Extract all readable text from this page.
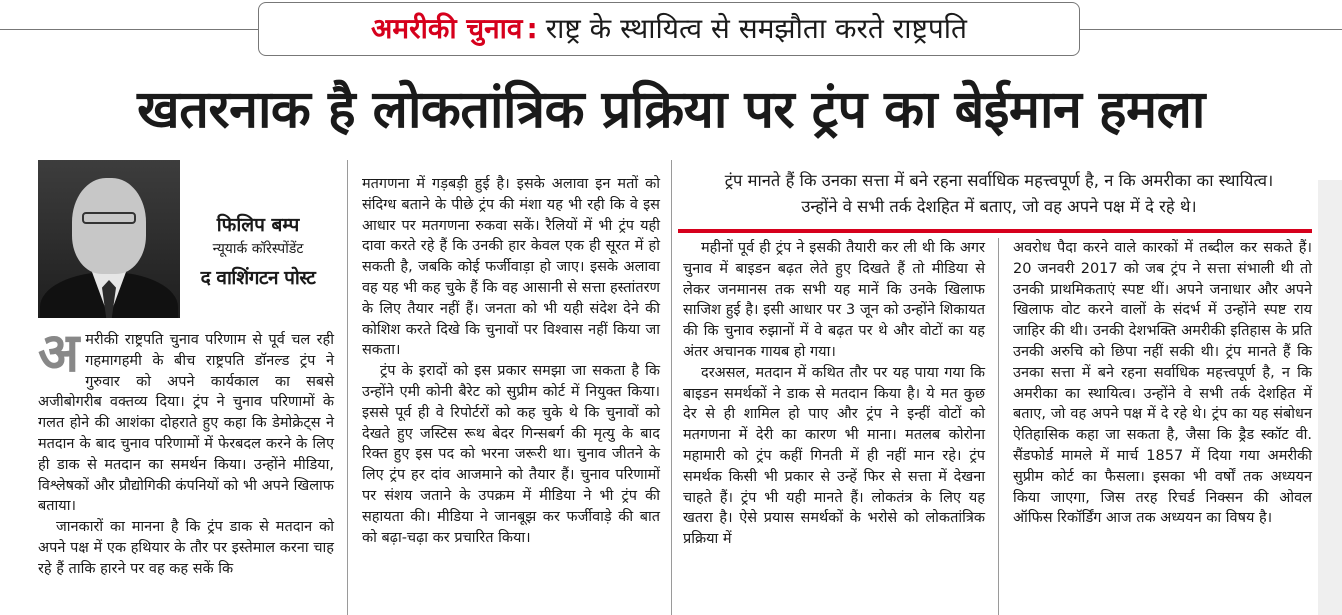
अमरीकी चुनाव : राष्ट्र के स्थायित्व से समझौता करते राष्ट्रपति
खतरनाक है लोकतांत्रिक प्रक्रिया पर ट्रंप का बेईमान हमला
फिलिप बम्प
न्यूयार्क कॉरेस्पोंडेंट
द वाशिंगटन पोस्ट

अमरीकी राष्ट्रपति चुनाव परिणाम से पूर्व चल रही गहमागहमी के बीच राष्ट्रपति डॉनल्ड ट्रंप ने गुरुवार को अपने कार्यकाल का सबसे अजीबोगरीब वक्तव्य दिया। ट्रंप ने चुनाव परिणामों के गलत होने की आशंका दोहराते हुए कहा कि डेमोक्रेट्स ने मतदान के बाद चुनाव परिणामों में फेरबदल करने के लिए ही डाक से मतदान का समर्थन किया। उन्होंने मीडिया, विश्लेषकों और प्रौद्योगिकी कंपनियों को भी अपने खिलाफ बताया।

जानकारों का मानना है कि ट्रंप डाक से मतदान को अपने पक्ष में एक हथियार के तौर पर इस्तेमाल करना चाह रहे हैं ताकि हारने पर वह कह सकें कि

मतगणना में गड़बड़ी हुई है। इसके अलावा इन मतों को संदिग्ध बताने के पीछे ट्रंप की मंशा यह भी रही कि वे इस आधार पर मतगणना रुकवा सकें। रैलियों में भी ट्रंप यही दावा करते रहे हैं कि उनकी हार केवल एक ही सूरत में हो सकती है, जबकि कोई फर्जीवाड़ा हो जाए। इसके अलावा वह यह भी कह चुके हैं कि वह आसानी से सत्ता हस्तांतरण के लिए तैयार नहीं हैं। जनता को भी यही संदेश देने की कोशिश करते दिखे कि चुनावों पर विश्वास नहीं किया जा सकता।

ट्रंप के इरादों को इस प्रकार समझा जा सकता है कि उन्होंने एमी कोनी बैरेट को सुप्रीम कोर्ट में नियुक्त किया। इससे पूर्व ही वे रिपोर्टरों को कह चुके थे कि चुनावों को देखते हुए जस्टिस रूथ बेदर गिन्सबर्ग की मृत्यु के बाद रिक्त हुए इस पद को भरना जरूरी था। चुनाव जीतने के लिए ट्रंप हर दांव आजमाने को तैयार हैं। चुनाव परिणामों पर संशय जताने के उपक्रम में मीडिया ने भी ट्रंप की सहायता की। मीडिया ने जानबूझ कर फर्जीवाड़े की बात को बढ़ा-चढ़ा कर प्रचारित किया।

ट्रंप मानते हैं कि उनका सत्ता में बने रहना सर्वाधिक महत्त्वपूर्ण है, न कि अमरीका का स्थायित्व।
उन्होंने वे सभी तर्क देशहित में बताए, जो वह अपने पक्ष में दे रहे थे।

महीनों पूर्व ही ट्रंप ने इसकी तैयारी कर ली थी कि अगर चुनाव में बाइडन बढ़त लेते हुए दिखते हैं तो मीडिया से लेकर जनमानस तक सभी यह मानें कि उनके खिलाफ साजिश हुई है। इसी आधार पर 3 जून को उन्होंने शिकायत की कि चुनाव रुझानों में वे बढ़त पर थे और वोटों का यह अंतर अचानक गायब हो गया।

दरअसल, मतदान में कथित तौर पर यह पाया गया कि बाइडन समर्थकों ने डाक से मतदान किया है। ये मत कुछ देर से ही शामिल हो पाए और ट्रंप ने इन्हीं वोटों को मतगणना में देरी का कारण भी माना। मतलब कोरोना महामारी को ट्रंप कहीं गिनती में ही नहीं मान रहे। ट्रंप समर्थक किसी भी प्रकार से उन्हें फिर से सत्ता में देखना चाहते हैं। ट्रंप भी यही मानते हैं। लोकतंत्र के लिए यह खतरा है। ऐसे प्रयास समर्थकों के भरोसे को लोकतांत्रिक प्रक्रिया में

अवरोध पैदा करने वाले कारकों में तब्दील कर सकते हैं। 20 जनवरी 2017 को जब ट्रंप ने सत्ता संभाली थी तो उनकी प्राथमिकताएं स्पष्ट थीं। अपने जनाधार और अपने खिलाफ वोट करने वालों के संदर्भ में उन्होंने स्पष्ट राय जाहिर की थी। उनकी देशभक्ति अमरीकी इतिहास के प्रति उनकी अरुचि को छिपा नहीं सकी थी। ट्रंप मानते हैं कि उनका सत्ता में बने रहना सर्वाधिक महत्त्वपूर्ण है, न कि अमरीका का स्थायित्व। उन्होंने वे सभी तर्क देशहित में बताए, जो वह अपने पक्ष में दे रहे थे। ट्रंप का यह संबोधन ऐतिहासिक कहा जा सकता है, जैसा कि ड्रैड स्कॉट वी. सैंडफोर्ड मामले में मार्च 1857 में दिया गया अमरीकी सुप्रीम कोर्ट का फैसला। इसका भी वर्षों तक अध्ययन किया जाएगा, जिस तरह रिचर्ड निक्सन की ओवल ऑफिस रिकॉर्डिंग आज तक अध्ययन का विषय है।
